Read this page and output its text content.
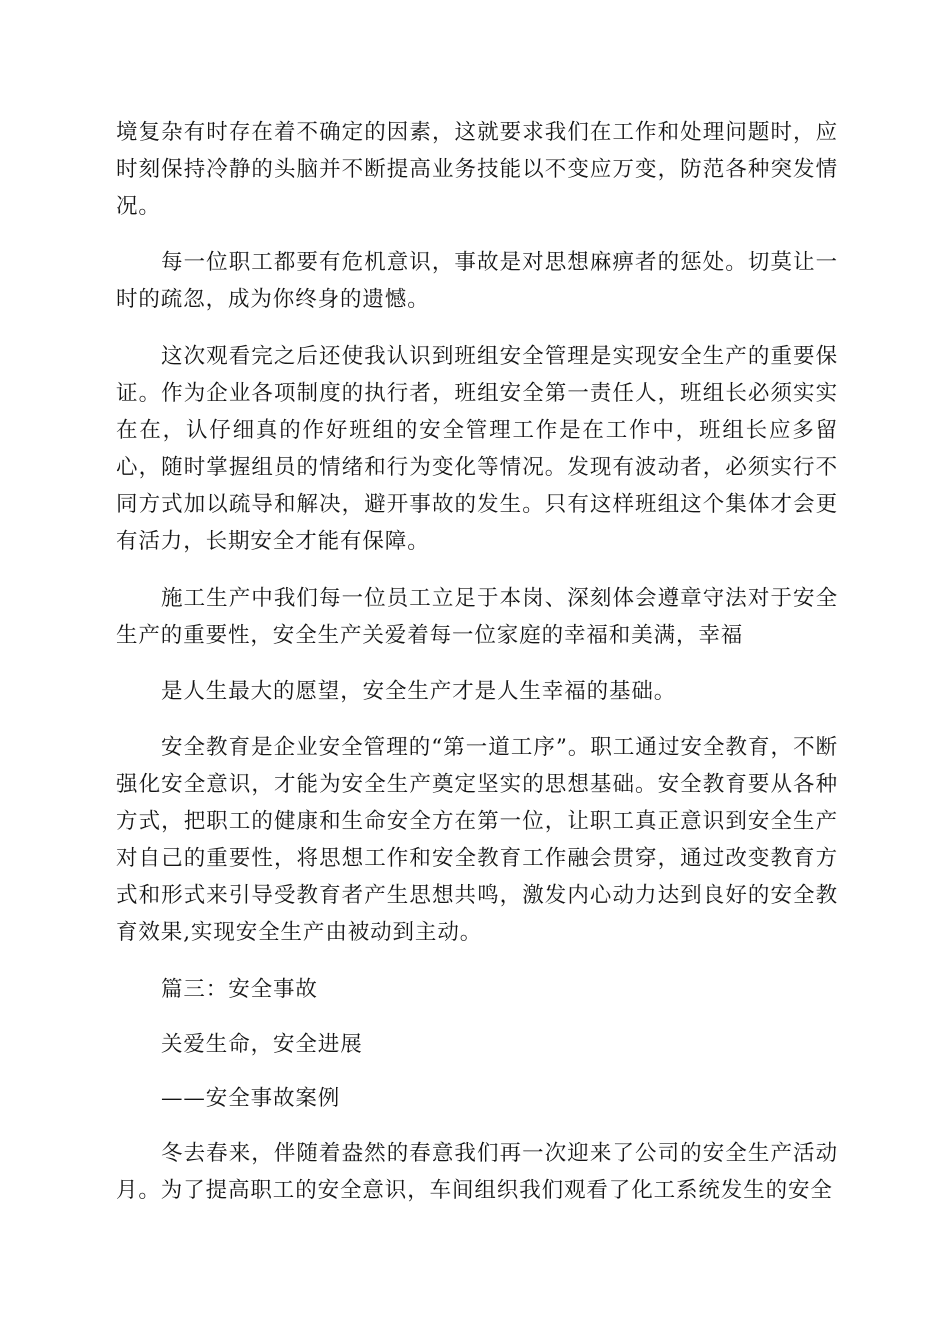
境复杂有时存在着不确定的因素，这就要求我们在工作和处理问题时，应时刻保持冷静的头脑并不断提高业务技能以不变应万变，防范各种突发情况。

每一位职工都要有危机意识，事故是对思想麻痹者的惩处。切莫让一时的疏忽，成为你终身的遗憾。

这次观看完之后还使我认识到班组安全管理是实现安全生产的重要保证。作为企业各项制度的执行者，班组安全第一责任人，班组长必须实实在在，认仔细真的作好班组的安全管理工作是在工作中，班组长应多留心，随时掌握组员的情绪和行为变化等情况。发现有波动者，必须实行不同方式加以疏导和解决，避开事故的发生。只有这样班组这个集体才会更有活力，长期安全才能有保障。

施工生产中我们每一位员工立足于本岗、深刻体会遵章守法对于安全生产的重要性，安全生产关爱着每一位家庭的幸福和美满，幸福

是人生最大的愿望，安全生产才是人生幸福的基础。

安全教育是企业安全管理的“第一道工序”。职工通过安全教育，不断强化安全意识，才能为安全生产奠定坚实的思想基础。安全教育要从各种方式，把职工的健康和生命安全方在第一位，让职工真正意识到安全生产对自己的重要性，将思想工作和安全教育工作融会贯穿，通过改变教育方式和形式来引导受教育者产生思想共鸣，激发内心动力达到良好的安全教育效果,实现安全生产由被动到主动。

篇三：安全事故

关爱生命，安全进展

——安全事故案例

冬去春来，伴随着盎然的春意我们再一次迎来了公司的安全生产活动月。为了提高职工的安全意识，车间组织我们观看了化工系统发生的安全
